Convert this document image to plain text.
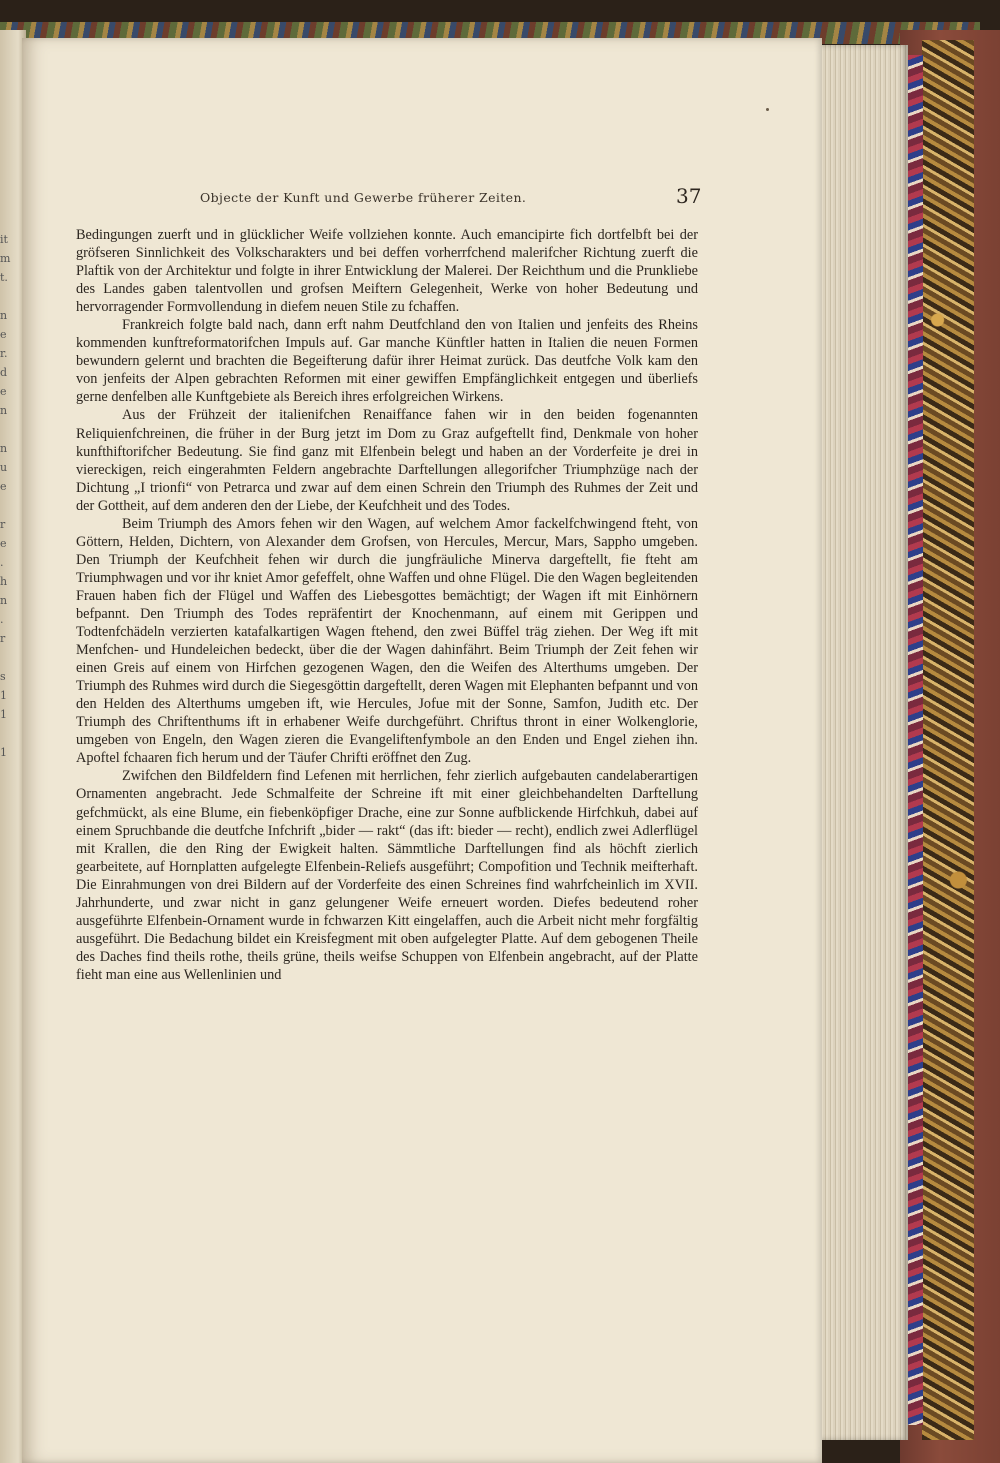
it
m
t.

n
e
r.
d
e
n

n
u
e

r
e
.
h
n
.
r

s
1
1

1
Objecte der Kunft und Gewerbe früherer Zeiten.	37

Bedingungen zuerft und in glücklicher Weife vollziehen konnte. Auch emancipirte fich dortfelbft bei der gröfseren Sinnlichkeit des Volkscharakters und bei deffen vorherrfchend malerifcher Richtung zuerft die Plaftik von der Architektur und folgte in ihrer Entwicklung der Malerei. Der Reichthum und die Prunkliebe des Landes gaben talentvollen und grofsen Meiftern Gelegenheit, Werke von hoher Bedeutung und hervorragender Formvollendung in diefem neuen Stile zu fchaffen.

Frankreich folgte bald nach, dann erft nahm Deutfchland den von Italien und jenfeits des Rheins kommenden kunftreformatorifchen Impuls auf. Gar manche Künftler hatten in Italien die neuen Formen bewundern gelernt und brachten die Begeifterung dafür ihrer Heimat zurück. Das deutfche Volk kam den von jenfeits der Alpen gebrachten Reformen mit einer gewiffen Empfänglichkeit entgegen und überliefs gerne denfelben alle Kunftgebiete als Bereich ihres erfolgreichen Wirkens.

Aus der Frühzeit der italienifchen Renaiffance fahen wir in den beiden fogenannten Reliquienfchreinen, die früher in der Burg jetzt im Dom zu Graz aufgeftellt find, Denkmale von hoher kunfthiftorifcher Bedeutung. Sie find ganz mit Elfenbein belegt und haben an der Vorderfeite je drei in viereckigen, reich eingerahmten Feldern angebrachte Darftellungen allegorifcher Triumphzüge nach der Dichtung „I trionfi“ von Petrarca und zwar auf dem einen Schrein den Triumph des Ruhmes der Zeit und der Gottheit, auf dem anderen den der Liebe, der Keufchheit und des Todes.

Beim Triumph des Amors fehen wir den Wagen, auf welchem Amor fackelfchwingend fteht, von Göttern, Helden, Dichtern, von Alexander dem Grofsen, von Hercules, Mercur, Mars, Sappho umgeben. Den Triumph der Keufchheit fehen wir durch die jungfräuliche Minerva dargeftellt, fie fteht am Triumphwagen und vor ihr kniet Amor gefeffelt, ohne Waffen und ohne Flügel. Die den Wagen begleitenden Frauen haben fich der Flügel und Waffen des Liebesgottes bemächtigt; der Wagen ift mit Einhörnern befpannt. Den Triumph des Todes repräfentirt der Knochenmann, auf einem mit Gerippen und Todtenfchädeln verzierten katafalkartigen Wagen ftehend, den zwei Büffel träg ziehen. Der Weg ift mit Menfchen- und Hundeleichen bedeckt, über die der Wagen dahinfährt. Beim Triumph der Zeit fehen wir einen Greis auf einem von Hirfchen gezogenen Wagen, den die Weifen des Alterthums umgeben. Der Triumph des Ruhmes wird durch die Siegesgöttin dargeftellt, deren Wagen mit Elephanten befpannt und von den Helden des Alterthums umgeben ift, wie Hercules, Jofue mit der Sonne, Samfon, Judith etc. Der Triumph des Chriftenthums ift in erhabener Weife durchgeführt. Chriftus thront in einer Wolkenglorie, umgeben von Engeln, den Wagen zieren die Evangeliftenfymbole an den Enden und Engel ziehen ihn. Apoftel fchaaren fich herum und der Täufer Chrifti eröffnet den Zug.

Zwifchen den Bildfeldern find Lefenen mit herrlichen, fehr zierlich aufgebauten candelaberartigen Ornamenten angebracht. Jede Schmalfeite der Schreine ift mit einer gleichbehandelten Darftellung gefchmückt, als eine Blume, ein fiebenköpfiger Drache, eine zur Sonne aufblickende Hirfchkuh, dabei auf einem Spruchbande die deutfche Infchrift „bider — rakt“ (das ift: bieder — recht), endlich zwei Adlerflügel mit Krallen, die den Ring der Ewigkeit halten. Sämmtliche Darftellungen find als höchft zierlich gearbeitete, auf Hornplatten aufgelegte Elfenbein-Reliefs ausgeführt; Compofition und Technik meifterhaft. Die Einrahmungen von drei Bildern auf der Vorderfeite des einen Schreines find wahrfcheinlich im XVII. Jahrhunderte, und zwar nicht in ganz gelungener Weife erneuert worden. Diefes bedeutend roher ausgeführte Elfenbein-Ornament wurde in fchwarzen Kitt eingelaffen, auch die Arbeit nicht mehr forgfältig ausgeführt. Die Bedachung bildet ein Kreisfegment mit oben aufgelegter Platte. Auf dem gebogenen Theile des Daches find theils rothe, theils grüne, theils weifse Schuppen von Elfenbein angebracht, auf der Platte fieht man eine aus Wellenlinien und
